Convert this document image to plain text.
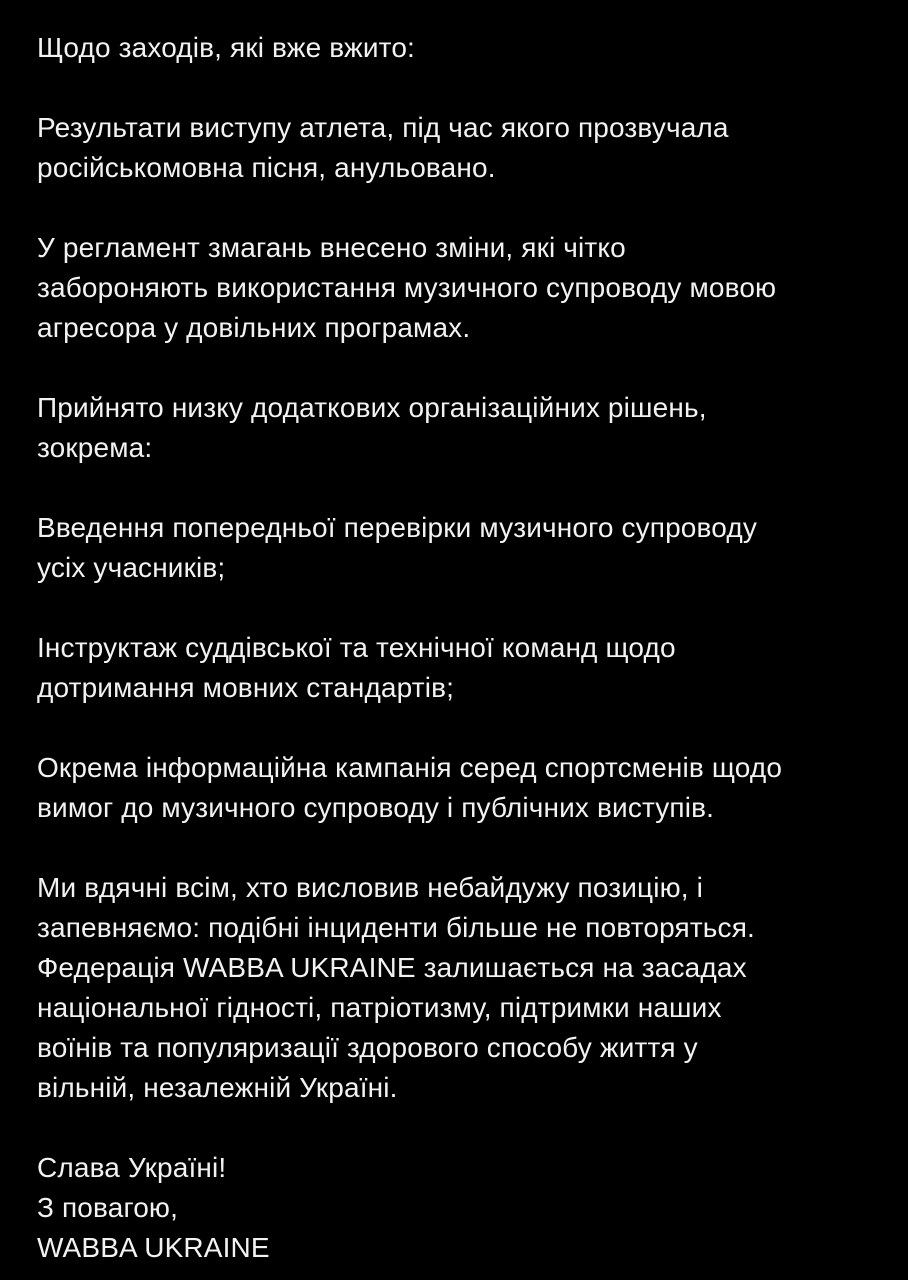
Щодо заходів, які вже вжито:
Результати виступу атлета, під час якого прозвучала
російськомовна пісня, анульовано.
У регламент змагань внесено зміни, які чітко
забороняють використання музичного супроводу мовою
агресора у довільних програмах.
Прийнято низку додаткових організаційних рішень,
зокрема:
Введення попередньої перевірки музичного супроводу
усіх учасників;
Інструктаж суддівської та технічної команд щодо
дотримання мовних стандартів;
Окрема інформаційна кампанія серед спортсменів щодо
вимог до музичного супроводу і публічних виступів.
Ми вдячні всім, хто висловив небайдужу позицію, і
запевняємо: подібні інциденти більше не повторяться.
Федерація WABBA UKRAINE залишається на засадах
національної гідності, патріотизму, підтримки наших
воїнів та популяризації здорового способу життя у
вільній, незалежній Україні.
Слава Україні!
З повагою,
WABBA UKRAINE
